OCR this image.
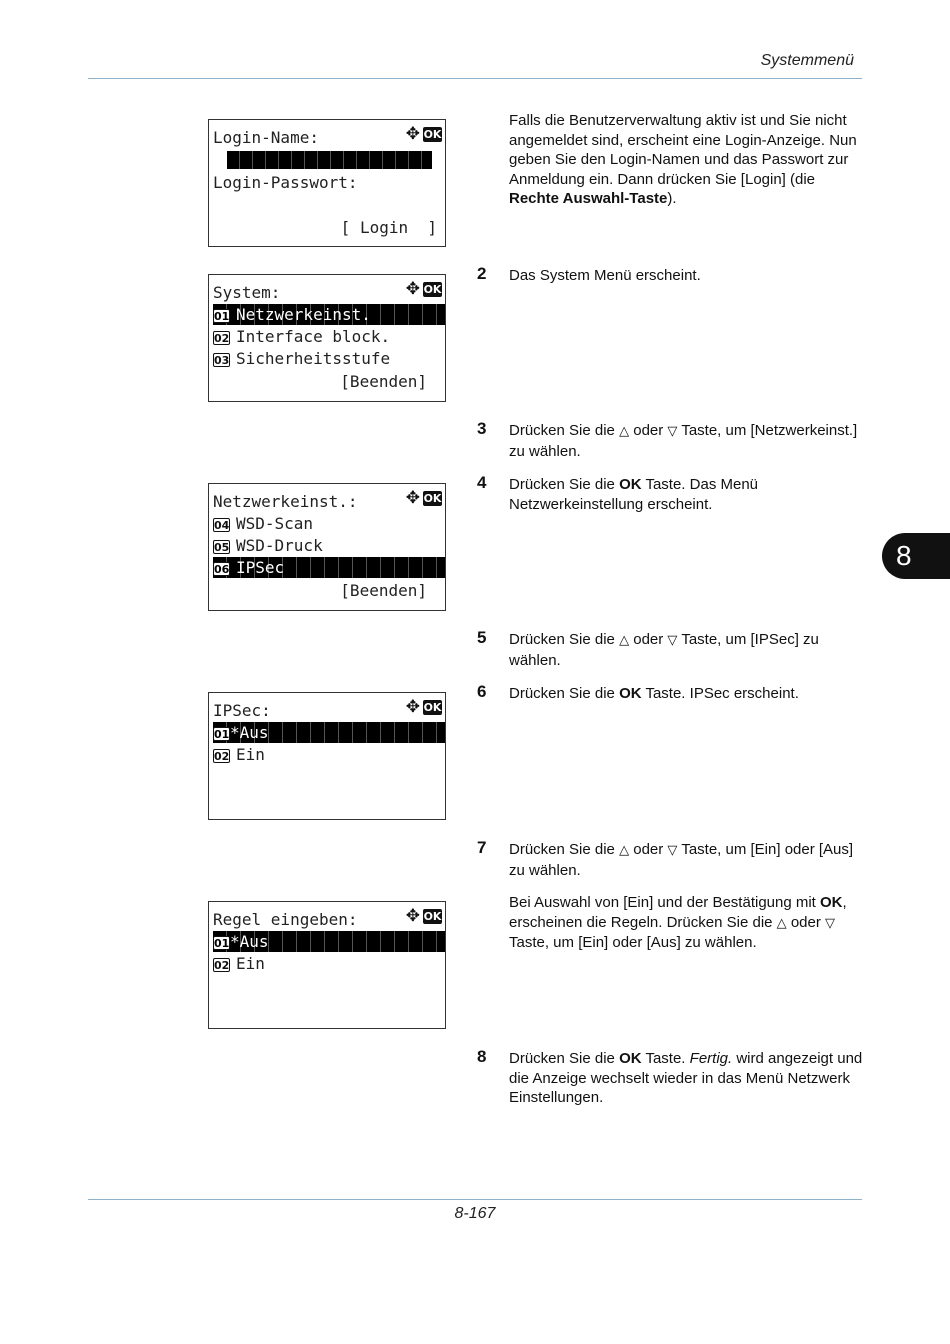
Systemmenü
8
Login-Name:	✥ OK
Login-Passwort:
[ Login  ]
System:	✥ OK
01 Netzwerkeinst.
02 Interface block.
03 Sicherheitsstufe
[Beenden]
Netzwerkeinst.:	✥ OK
04 WSD-Scan
05 WSD-Druck
06 IPSec
[Beenden]
IPSec:	✥ OK
01*Aus
02 Ein
Regel eingeben:	✥ OK
01*Aus
02 Ein
Falls die Benutzerverwaltung aktiv ist und Sie nicht angemeldet sind, erscheint eine Login-Anzeige. Nun geben Sie den Login-Namen und das Passwort zur Anmeldung ein. Dann drücken Sie [Login] (die Rechte Auswahl-Taste).
2 Das System Menü erscheint.
3 Drücken Sie die △ oder ▽ Taste, um [Netzwerkeinst.] zu wählen.
4 Drücken Sie die OK Taste. Das Menü Netzwerkeinstellung erscheint.
5 Drücken Sie die △ oder ▽ Taste, um [IPSec] zu wählen.
6 Drücken Sie die OK Taste. IPSec erscheint.
7 Drücken Sie die △ oder ▽ Taste, um [Ein] oder [Aus] zu wählen.
Bei Auswahl von [Ein] und der Bestätigung mit OK, erscheinen die Regeln. Drücken Sie die △ oder ▽ Taste, um [Ein] oder [Aus] zu wählen.
8 Drücken Sie die OK Taste. Fertig. wird angezeigt und die Anzeige wechselt wieder in das Menü Netzwerk Einstellungen.
8-167
